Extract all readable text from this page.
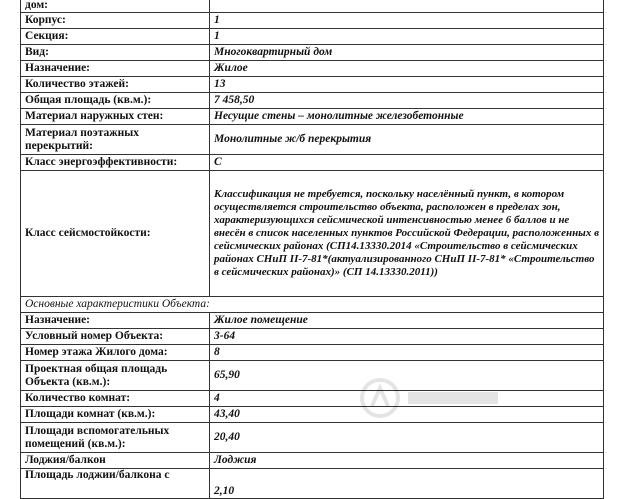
дом:	
Корпус:	1
Секция:	1
Вид:	Многоквартирный дом
Назначение:	Жилое
Количество этажей:	13
Общая площадь (кв.м.):	7 458,50
Материал наружных стен:	Несущие стены – монолитные железобетонные
Материал поэтажных перекрытий:	Монолитные ж/б перекрытия
Класс энергоэффективности:	C
Класс сейсмостойкости:	Классификация не требуется, поскольку населённый пункт, в котором осуществляется строительство объекта, расположен в пределах зон, характеризующихся сейсмической интенсивностью менее 6 баллов и не внесён в список населенных пунктов Российской Федерации, расположенных в сейсмических районах (СП14.13330.2014 «Строительство в сейсмических районах СНиП II-7-81*(актуализированного СНиП II-7-81* «Строительство в сейсмических районах)» (СП 14.13330.2011))
Основные характеристики Объекта:	
Назначение:	Жилое помещение
Условный номер Объекта:	3-64
Номер этажа Жилого дома:	8
Проектная общая площадь Объекта (кв.м.):	65,90
Количество комнат:	4
Площади комнат (кв.м.):	43,40
Площади вспомогательных помещений (кв.м.):	20,40
Лоджия/балкон	Лоджия
Площадь лоджии/балкона с	2,10
